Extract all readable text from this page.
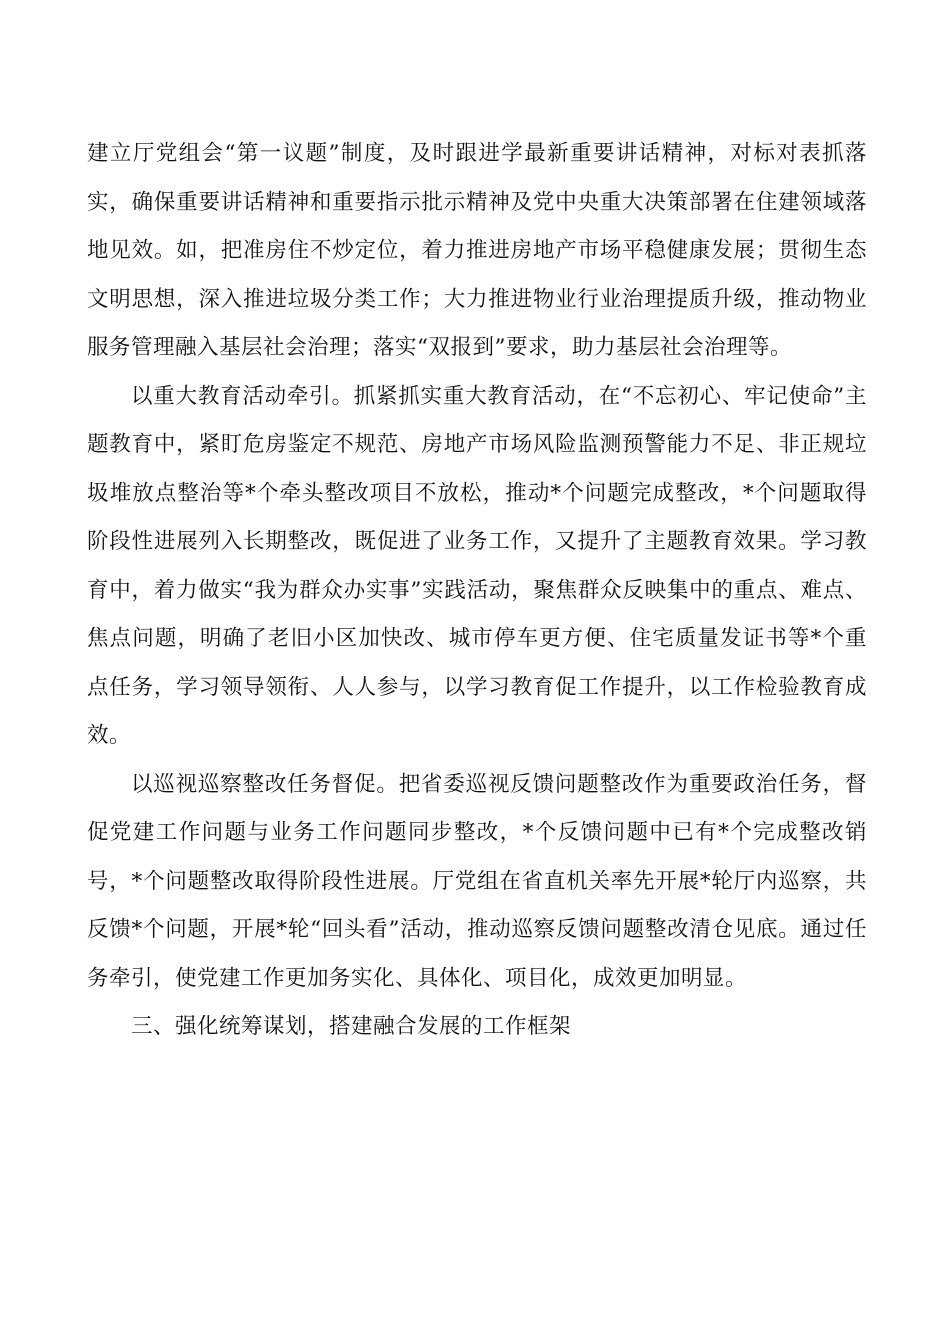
建立厅党组会“第一议题”制度，及时跟进学最新重要讲话精神，对标对表抓落实，确保重要讲话精神和重要指示批示精神及党中央重大决策部署在住建领域落地见效。如，把准房住不炒定位，着力推进房地产市场平稳健康发展；贯彻生态文明思想，深入推进垃圾分类工作；大力推进物业行业治理提质升级，推动物业服务管理融入基层社会治理；落实“双报到”要求，助力基层社会治理等。

以重大教育活动牵引。抓紧抓实重大教育活动，在“不忘初心、牢记使命”主题教育中，紧盯危房鉴定不规范、房地产市场风险监测预警能力不足、非正规垃圾堆放点整治等*个牵头整改项目不放松，推动*个问题完成整改，*个问题取得阶段性进展列入长期整改，既促进了业务工作，又提升了主题教育效果。学习教育中，着力做实“我为群众办实事”实践活动，聚焦群众反映集中的重点、难点、焦点问题，明确了老旧小区加快改、城市停车更方便、住宅质量发证书等*个重点任务，学习领导领衔、人人参与，以学习教育促工作提升，以工作检验教育成效。

以巡视巡察整改任务督促。把省委巡视反馈问题整改作为重要政治任务，督促党建工作问题与业务工作问题同步整改，*个反馈问题中已有*个完成整改销号，*个问题整改取得阶段性进展。厅党组在省直机关率先开展*轮厅内巡察，共反馈*个问题，开展*轮“回头看”活动，推动巡察反馈问题整改清仓见底。通过任务牵引，使党建工作更加务实化、具体化、项目化，成效更加明显。

三、强化统筹谋划，搭建融合发展的工作框架
